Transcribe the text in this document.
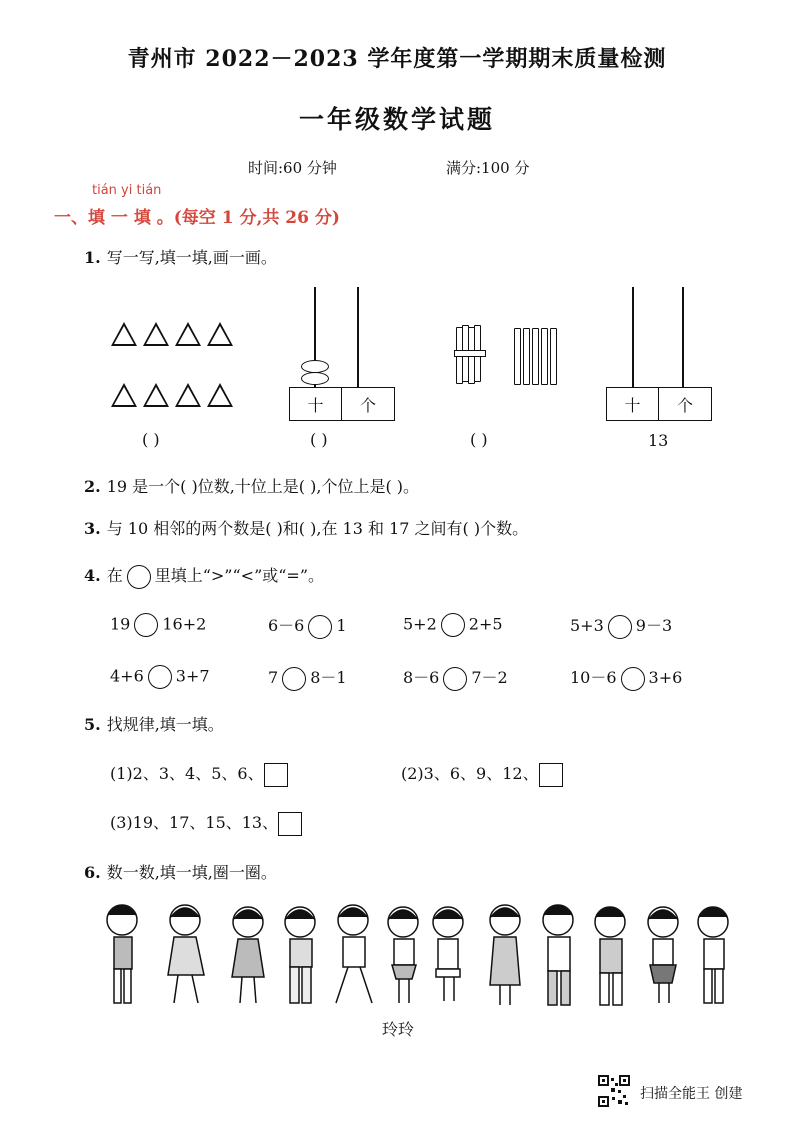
青州市 2022－2023 学年度第一学期期末质量检测
一年级数学试题
时间:60 分钟	满分:100 分
tián yi tián
一、填 一 填 。(每空 1 分,共 26 分)
1. 写一写,填一填,画一画。
( )
十	个
( )	( )
十	个
13
2. 19 是一个( )位数,十位上是( ),个位上是( )。
3. 与 10 相邻的两个数是( )和( ),在 13 和 17 之间有( )个数。
4. 在 里填上“>”“<”或“=”。
19 16+2	6－6 1	5+2 2+5	5+3 9－3
4+6 3+7	7 8－1	8－6 7－2	10－6 3+6
5. 找规律,填一填。
(1)2、3、4、5、6、	(2)3、6、9、12、
(3)19、17、15、13、
6. 数一数,填一填,圈一圈。
玲玲
扫描全能王 创建
